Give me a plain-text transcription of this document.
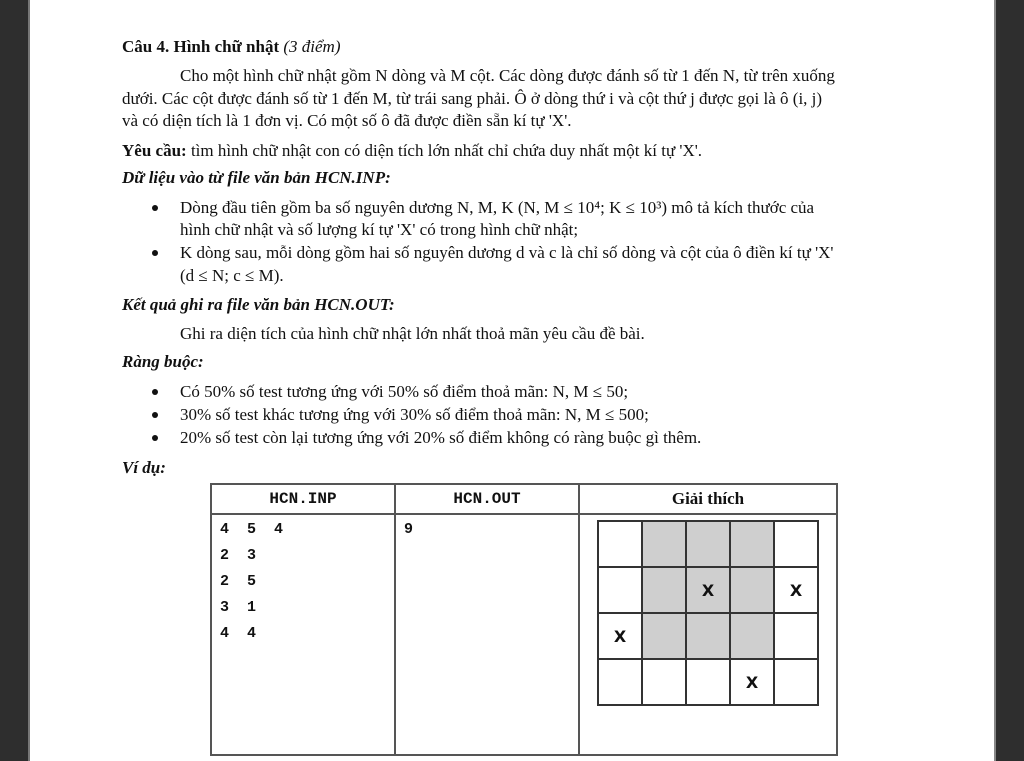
Câu 4. Hình chữ nhật (3 điểm)
Cho một hình chữ nhật gồm N dòng và M cột. Các dòng được đánh số từ 1 đến N, từ trên xuống
dưới. Các cột được đánh số từ 1 đến M, từ trái sang phải. Ô ở dòng thứ i và cột thứ j được gọi là ô (i, j)
và có diện tích là 1 đơn vị. Có một số ô đã được điền sẵn kí tự 'X'.
Yêu cầu: tìm hình chữ nhật con có diện tích lớn nhất chỉ chứa duy nhất một kí tự 'X'.
Dữ liệu vào từ file văn bản HCN.INP:
Dòng đầu tiên gồm ba số nguyên dương N, M, K (N, M ≤ 10⁴; K ≤ 10³) mô tả kích thước của
hình chữ nhật và số lượng kí tự 'X' có trong hình chữ nhật;
K dòng sau, mỗi dòng gồm hai số nguyên dương d và c là chỉ số dòng và cột của ô điền kí tự 'X'
(d ≤ N; c ≤ M).
Kết quả ghi ra file văn bản HCN.OUT:
Ghi ra diện tích của hình chữ nhật lớn nhất thoả mãn yêu cầu đề bài.
Ràng buộc:
Có 50% số test tương ứng với 50% số điểm thoả mãn: N, M ≤ 50;
30% số test khác tương ứng với 30% số điểm thoả mãn: N, M ≤ 500;
20% số test còn lại tương ứng với 20% số điểm không có ràng buộc gì thêm.
Ví dụ:
HCN.INP	HCN.OUT	Giải thích

4  5  4
2  3
2  5
3  1
4  4	9	

		X		X
X				
			X	
